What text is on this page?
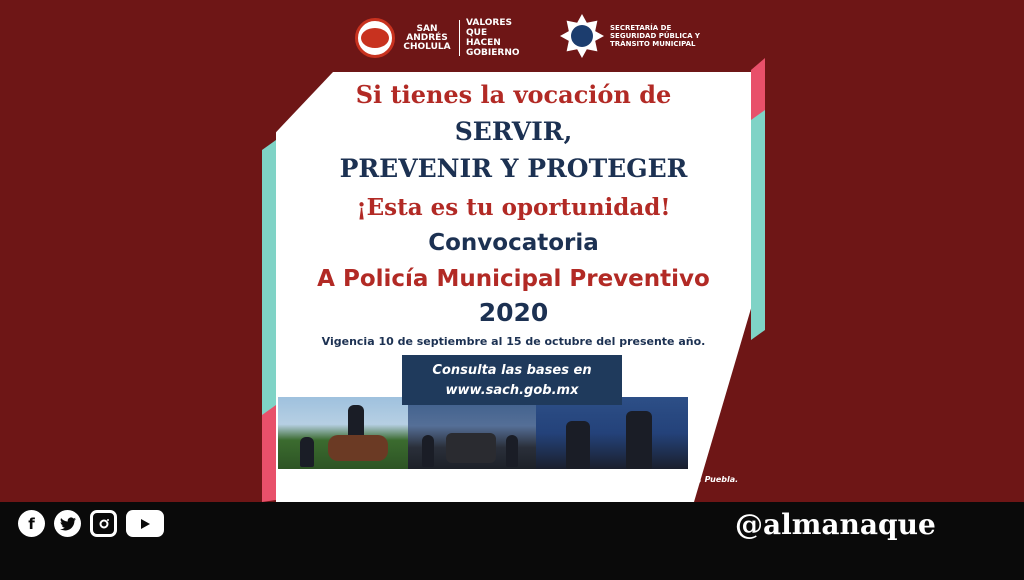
SAN ANDRÉS CHOLULA
VALORES QUE HACEN GOBIERNO
SECRETARÍA DE SEGURIDAD PÚBLICA Y TRÁNSITO MUNICIPAL
Si tienes la vocación de
SERVIR,
PREVENIR Y PROTEGER
¡Esta es tu oportunidad!
Convocatoria
A Policía Municipal Preventivo
2020
Vigencia 10 de septiembre al 15 de octubre del presente año.
Consulta las bases en
www.sach.gob.mx
Antiguo Camino a Cuayantla No. 1611, San Bernardino Tlaxcalancingo, San Andrés Cholula, Puebla.
Tel: 222 467 40 00 Ext. 1339.
f	@almanaque
